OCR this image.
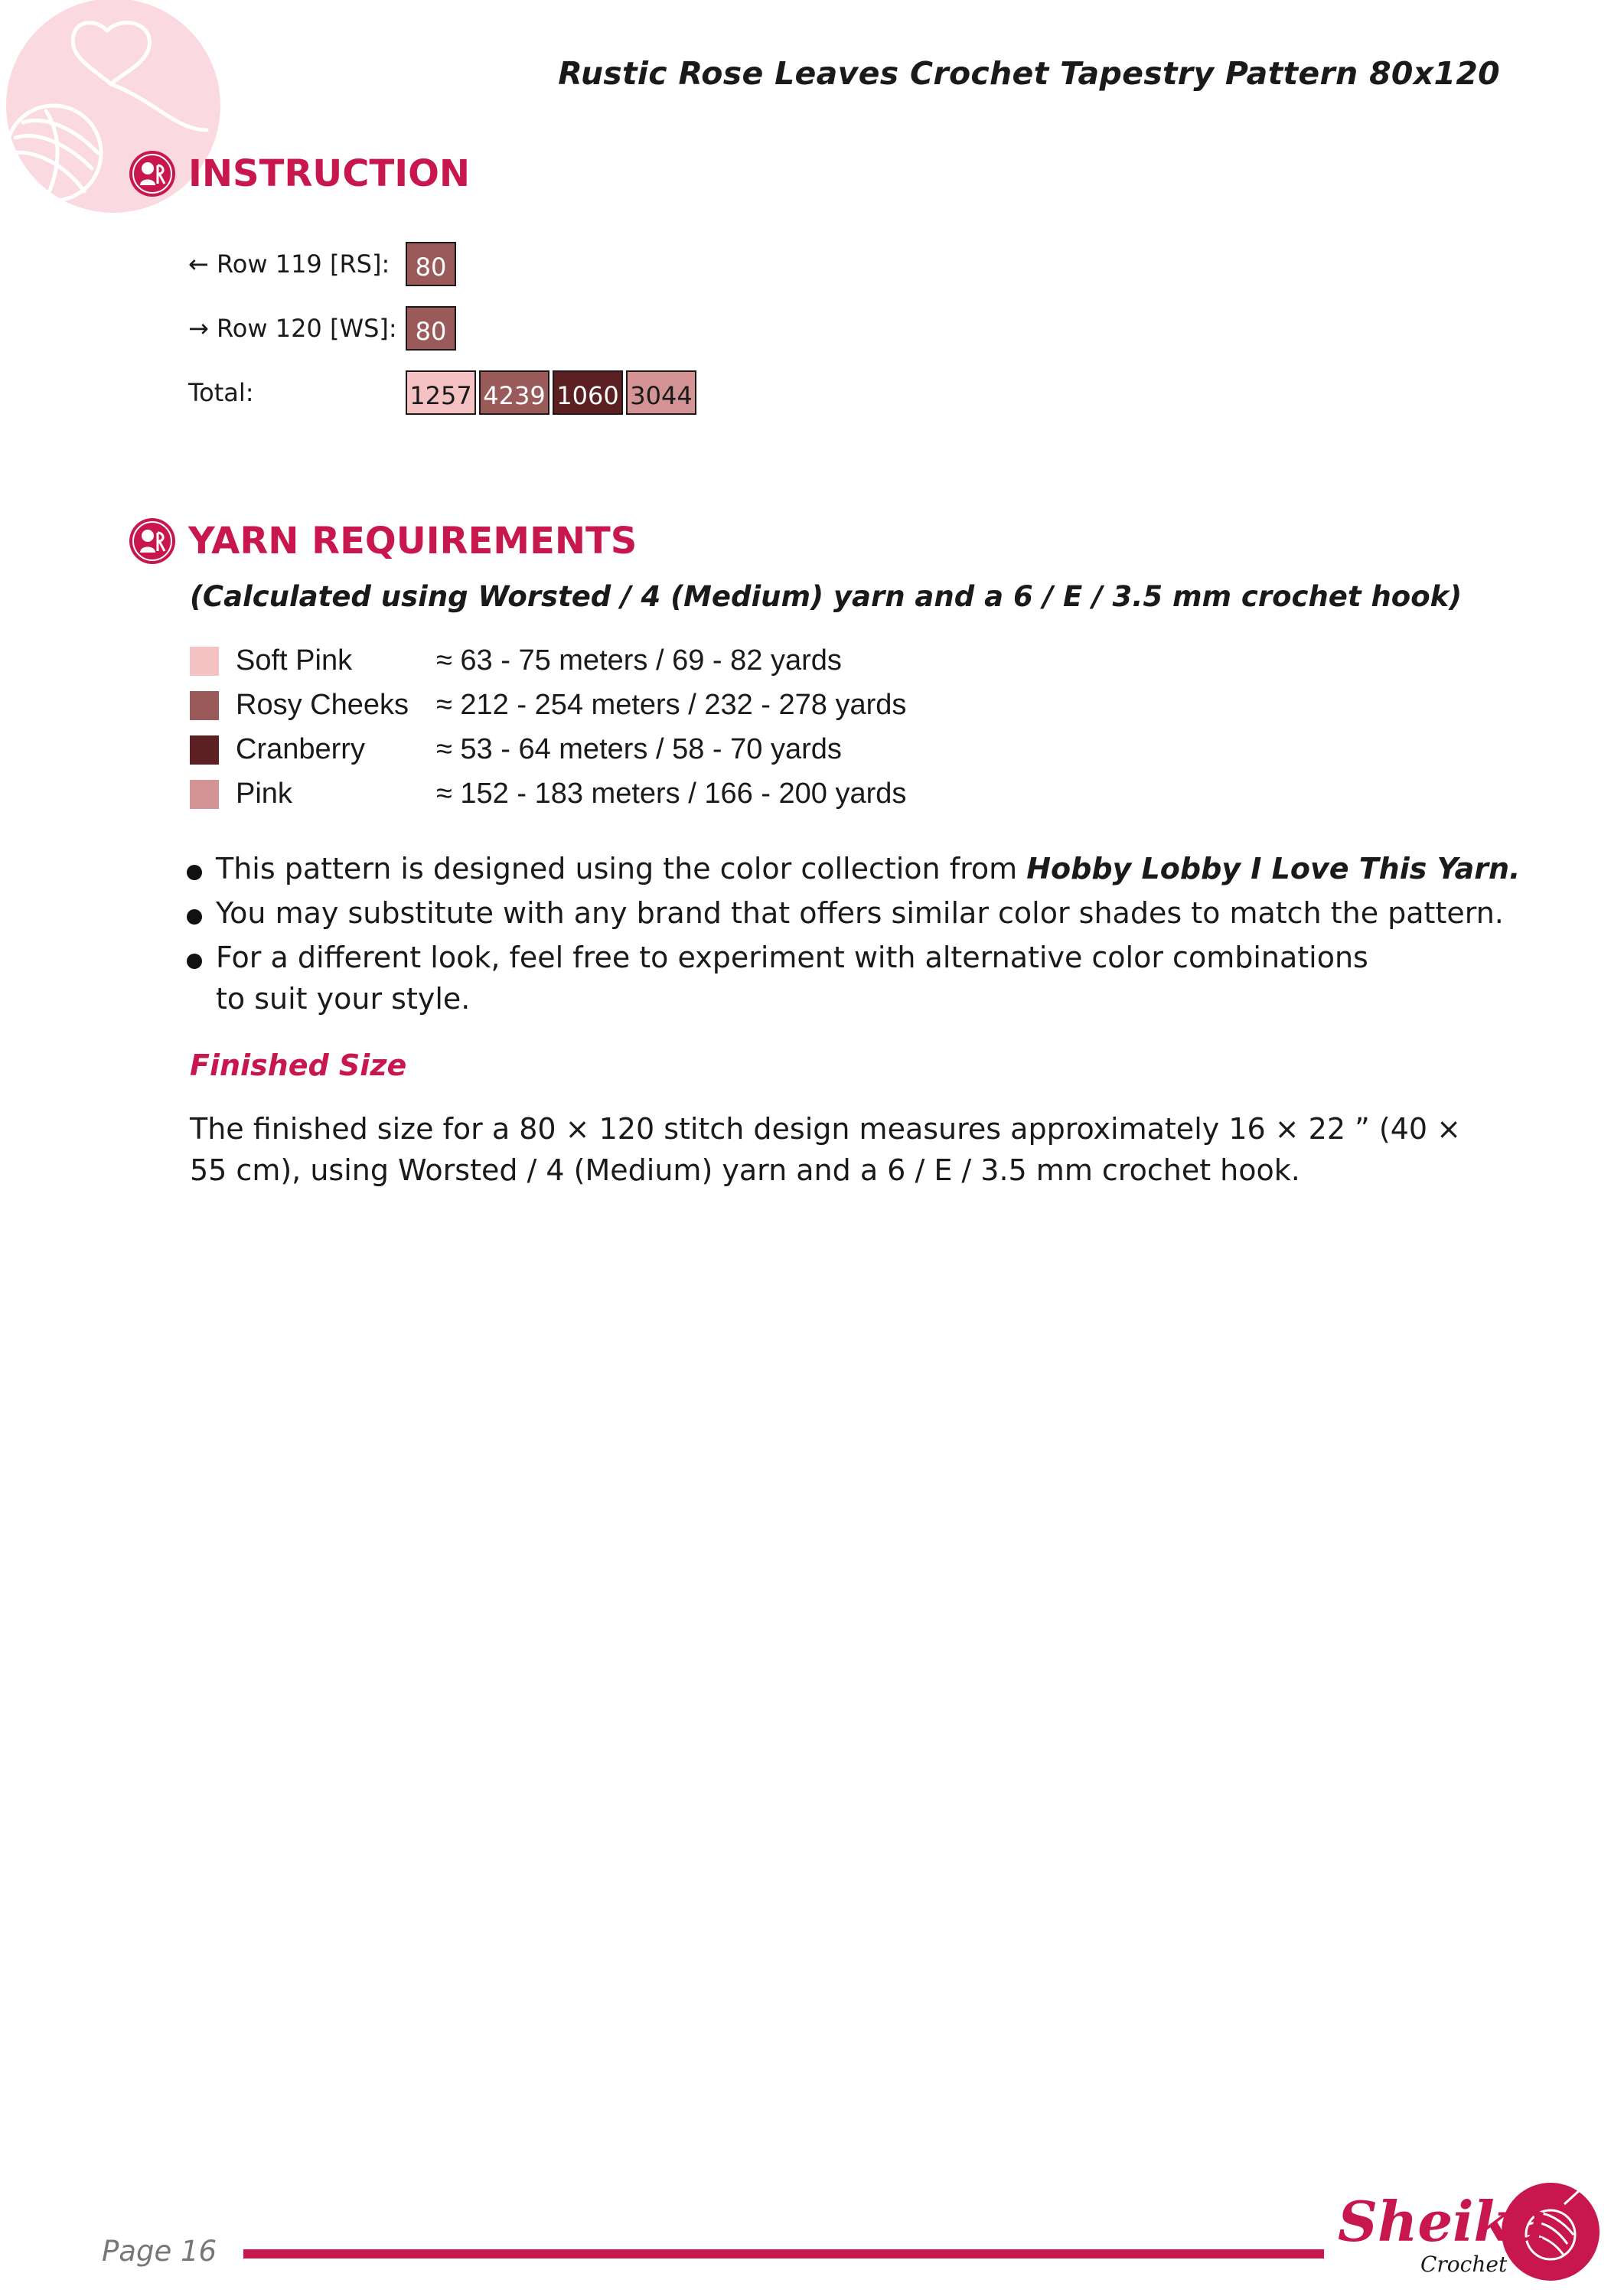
Rustic Rose Leaves Crochet Tapestry Pattern 80x120
INSTRUCTION
← Row 119 [RS]:	80
→ Row 120 [WS]: 80
Total:	1257 4239 1060 3044
YARN REQUIREMENTS
(Calculated using Worsted / 4 (Medium) yarn and a 6 / E / 3.5 mm crochet hook)
Soft Pink	≈ 63 - 75 meters / 69 - 82 yards
Rosy Cheeks ≈ 212 - 254 meters / 232 - 278 yards
Cranberry	≈ 53 - 64 meters / 58 - 70 yards
Pink	≈ 152 - 183 meters / 166 - 200 yards
This pattern is designed using the color collection from Hobby Lobby I Love This Yarn.
You may substitute with any brand that offers similar color shades to match the pattern.
For a different look, feel free to experiment with alternative color combinations
to suit your style.
Finished Size
The finished size for a 80 × 120 stitch design measures approximately 16 × 22 ” (40 × 55 cm), using Worsted / 4 (Medium) yarn and a 6 / E / 3.5 mm crochet hook.
Page 16	Sheika
Crochet
